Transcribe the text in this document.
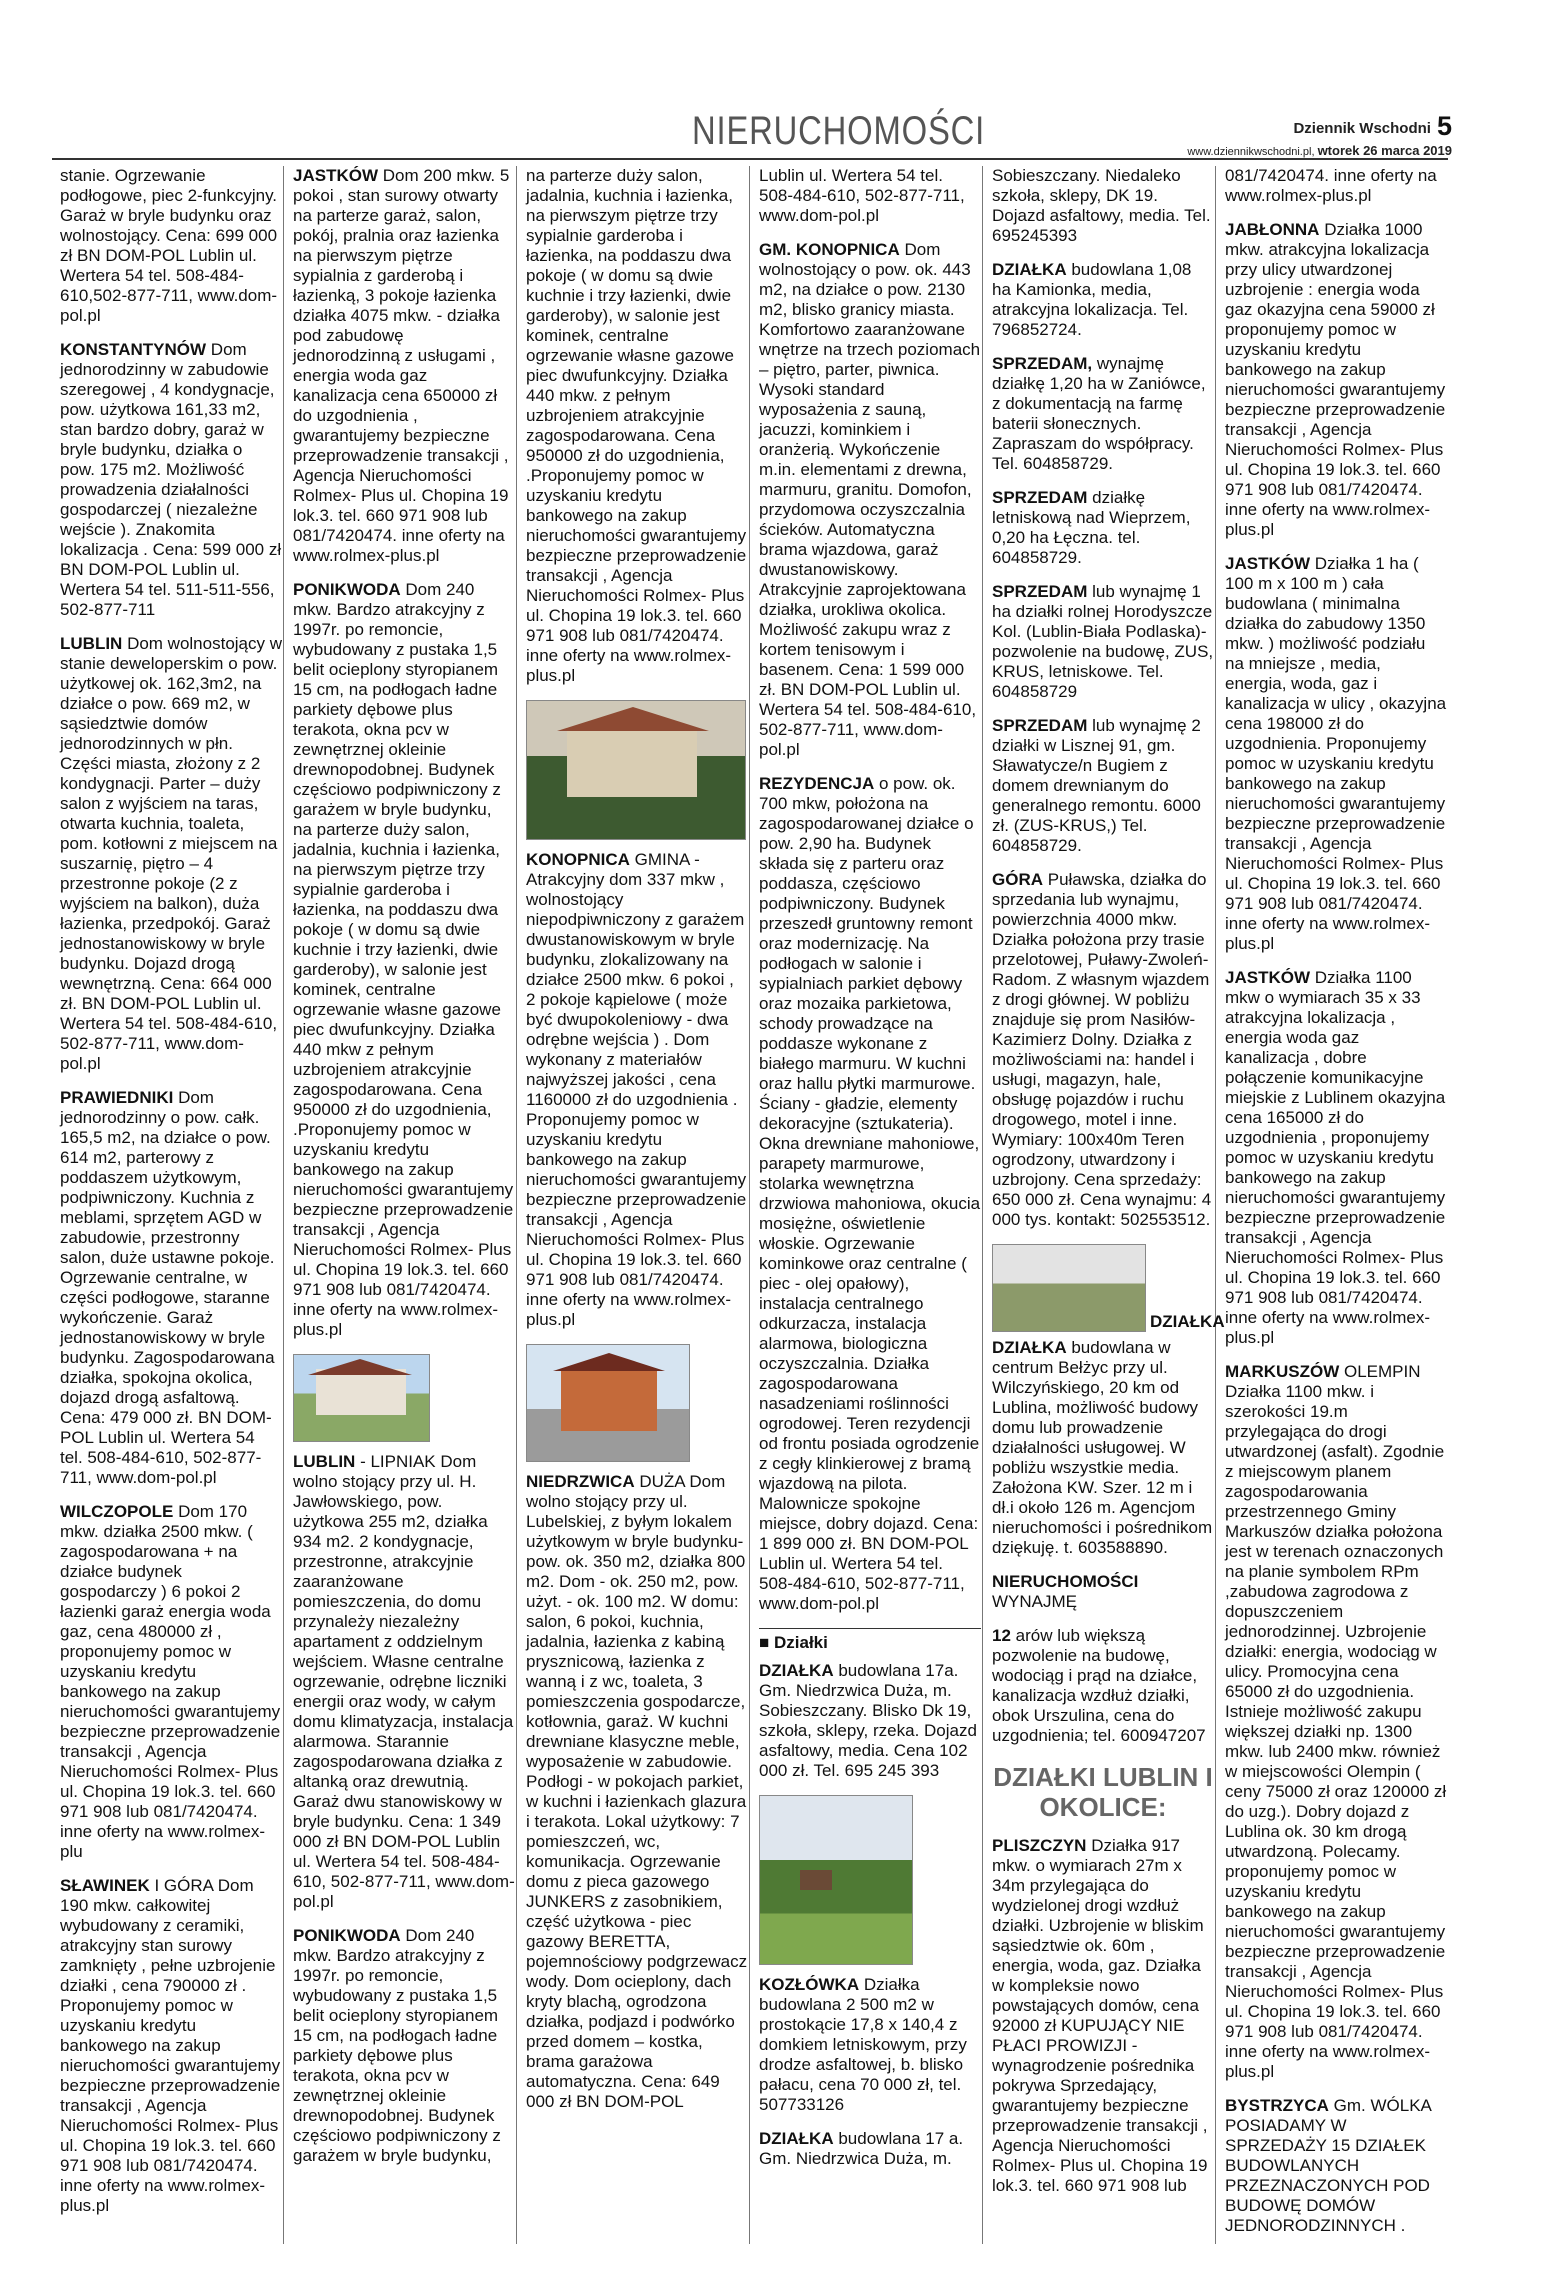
NIERUCHOMOŚCI	Dziennik Wschodni 5
www.dziennikwschodni.pl, wtorek 26 marca 2019
stanie. Ogrzewanie podłogowe, piec 2-funkcyjny. Garaż w bryle budynku oraz wolnostojący. Cena: 699 000 zł BN DOM-POL Lublin ul. Wertera 54 tel. 508-484-610,502-877-711, www.dom-pol.pl
KONSTANTYNÓW Dom jednorodzinny w zabudowie szeregowej , 4 kondygnacje, pow. użytkowa 161,33 m2, stan bardzo dobry, garaż w bryle budynku, działka o pow. 175 m2. Możliwość prowadzenia działalności gospodarczej ( niezależne wejście ). Znakomita lokalizacja . Cena: 599 000 zł BN DOM-POL Lublin ul. Wertera 54 tel. 511-511-556, 502-877-711
LUBLIN Dom wolnostojący w stanie deweloperskim o pow. użytkowej ok. 162,3m2, na działce o pow. 669 m2, w sąsiedztwie domów jednorodzinnych w płn. Części miasta, złożony z 2 kondygnacji. Parter – duży salon z wyjściem na taras, otwarta kuchnia, toaleta, pom. kotłowni z miejscem na suszarnię, piętro – 4 przestronne pokoje (2 z wyjściem na balkon), duża łazienka, przedpokój. Garaż jednostanowiskowy w bryle budynku. Dojazd drogą wewnętrzną. Cena: 664 000 zł. BN DOM-POL Lublin ul. Wertera 54 tel. 508-484-610, 502-877-711, www.dom-pol.pl
PRAWIEDNIKI Dom jednorodzinny o pow. całk. 165,5 m2, na działce o pow. 614 m2, parterowy z poddaszem użytkowym, podpiwniczony. Kuchnia z meblami, sprzętem AGD w zabudowie, przestronny salon, duże ustawne pokoje. Ogrzewanie centralne, w części podłogowe, staranne wykończenie. Garaż jednostanowiskowy w bryle budynku. Zagospodarowana działka, spokojna okolica, dojazd drogą asfaltową. Cena: 479 000 zł. BN DOM-POL Lublin ul. Wertera 54 tel. 508-484-610, 502-877-711, www.dom-pol.pl
WILCZOPOLE Dom 170 mkw. działka 2500 mkw. ( zagospodarowana + na działce budynek gospodarczy ) 6 pokoi 2 łazienki garaż energia woda gaz, cena 480000 zł , proponujemy pomoc w uzyskaniu kredytu bankowego na zakup nieruchomości gwarantujemy bezpieczne przeprowadzenie transakcji , Agencja Nieruchomości Rolmex- Plus ul. Chopina 19 lok.3. tel. 660 971 908 lub 081/7420474. inne oferty na www.rolmex-plu
SŁAWINEK I GÓRA Dom 190 mkw. całkowitej wybudowany z ceramiki, atrakcyjny stan surowy zamknięty , pełne uzbrojenie działki , cena 790000 zł . Proponujemy pomoc w uzyskaniu kredytu bankowego na zakup nieruchomości gwarantujemy bezpieczne przeprowadzenie transakcji , Agencja Nieruchomości Rolmex- Plus ul. Chopina 19 lok.3. tel. 660 971 908 lub 081/7420474. inne oferty na www.rolmex-plus.pl
JASTKÓW Dom 200 mkw. 5 pokoi , stan surowy otwarty na parterze garaż, salon, pokój, pralnia oraz łazienka na pierwszym piętrze sypialnia z garderobą i łazienką, 3 pokoje łazienka działka 4075 mkw. - działka pod zabudowę jednorodzinną z usługami , energia woda gaz kanalizacja cena 650000 zł do uzgodnienia , gwarantujemy bezpieczne przeprowadzenie transakcji , Agencja Nieruchomości Rolmex- Plus ul. Chopina 19 lok.3. tel. 660 971 908 lub 081/7420474. inne oferty na www.rolmex-plus.pl
PONIKWODA Dom 240 mkw. Bardzo atrakcyjny z 1997r. po remoncie, wybudowany z pustaka 1,5 belit ocieplony styropianem 15 cm, na podłogach ładne parkiety dębowe plus terakota, okna pcv w zewnętrznej okleinie drewnopodobnej. Budynek częściowo podpiwniczony z garażem w bryle budynku, na parterze duży salon, jadalnia, kuchnia i łazienka, na pierwszym piętrze trzy sypialnie garderoba i łazienka, na poddaszu dwa pokoje ( w domu są dwie kuchnie i trzy łazienki, dwie garderoby), w salonie jest kominek, centralne ogrzewanie własne gazowe piec dwufunkcyjny. Działka 440 mkw z pełnym uzbrojeniem atrakcyjnie zagospodarowana. Cena 950000 zł do uzgodnienia, .Proponujemy pomoc w uzyskaniu kredytu bankowego na zakup nieruchomości gwarantujemy bezpieczne przeprowadzenie transakcji , Agencja Nieruchomości Rolmex- Plus ul. Chopina 19 lok.3. tel. 660 971 908 lub 081/7420474. inne oferty na www.rolmex-plus.pl
LUBLIN - LIPNIAK Dom wolno stojący przy ul. H. Jawłowskiego, pow. użytkowa 255 m2, działka 934 m2. 2 kondygnacje, przestronne, atrakcyjnie zaaranżowane pomieszczenia, do domu przynależy niezależny apartament z oddzielnym wejściem. Własne centralne ogrzewanie, odrębne liczniki energii oraz wody, w całym domu klimatyzacja, instalacja alarmowa. Starannie zagospodarowana działka z altanką oraz drewutnią. Garaż dwu stanowiskowy w bryle budynku. Cena: 1 349 000 zł BN DOM-POL Lublin ul. Wertera 54 tel. 508-484-610, 502-877-711, www.dom-pol.pl
PONIKWODA Dom 240 mkw. Bardzo atrakcyjny z 1997r. po remoncie, wybudowany z pustaka 1,5 belit ocieplony styropianem 15 cm, na podłogach ładne parkiety dębowe plus terakota, okna pcv w zewnętrznej okleinie drewnopodobnej. Budynek częściowo podpiwniczony z garażem w bryle budynku,
na parterze duży salon, jadalnia, kuchnia i łazienka, na pierwszym piętrze trzy sypialnie garderoba i łazienka, na poddaszu dwa pokoje ( w domu są dwie kuchnie i trzy łazienki, dwie garderoby), w salonie jest kominek, centralne ogrzewanie własne gazowe piec dwufunkcyjny. Działka 440 mkw. z pełnym uzbrojeniem atrakcyjnie zagospodarowana. Cena 950000 zł do uzgodnienia, .Proponujemy pomoc w uzyskaniu kredytu bankowego na zakup nieruchomości gwarantujemy bezpieczne przeprowadzenie transakcji , Agencja Nieruchomości Rolmex- Plus ul. Chopina 19 lok.3. tel. 660 971 908 lub 081/7420474. inne oferty na www.rolmex-plus.pl
KONOPNICA GMINA - Atrakcyjny dom 337 mkw , wolnostojący niepodpiwniczony z garażem dwustanowiskowym w bryle budynku, zlokalizowany na działce 2500 mkw. 6 pokoi , 2 pokoje kąpielowe ( może być dwupokoleniowy - dwa odrębne wejścia ) . Dom wykonany z materiałów najwyższej jakości , cena 1160000 zł do uzgodnienia . Proponujemy pomoc w uzyskaniu kredytu bankowego na zakup nieruchomości gwarantujemy bezpieczne przeprowadzenie transakcji , Agencja Nieruchomości Rolmex- Plus ul. Chopina 19 lok.3. tel. 660 971 908 lub 081/7420474. inne oferty na www.rolmex-plus.pl
NIEDRZWICA DUŻA Dom wolno stojący przy ul. Lubelskiej, z byłym lokalem użytkowym w bryle budynku-pow. ok. 350 m2, działka 800 m2. Dom - ok. 250 m2, pow. użyt. - ok. 100 m2. W domu: salon, 6 pokoi, kuchnia, jadalnia, łazienka z kabiną prysznicową, łazienka z wanną i z wc, toaleta, 3 pomieszczenia gospodarcze, kotłownia, garaż. W kuchni drewniane klasyczne meble, wyposażenie w zabudowie. Podłogi - w pokojach parkiet, w kuchni i łazienkach glazura i terakota. Lokal użytkowy: 7 pomieszczeń, wc, komunikacja. Ogrzewanie domu z pieca gazowego JUNKERS z zasobnikiem, część użytkowa - piec gazowy BERETTA, pojemnościowy podgrzewacz wody. Dom ocieplony, dach kryty blachą, ogrodzona działka, podjazd i podwórko przed domem – kostka, brama garażowa automatyczna. Cena: 649 000 zł BN DOM-POL
Lublin ul. Wertera 54 tel. 508-484-610, 502-877-711, www.dom-pol.pl
GM. KONOPNICA Dom wolnostojący o pow. ok. 443 m2, na działce o pow. 2130 m2, blisko granicy miasta. Komfortowo zaaranżowane wnętrze na trzech poziomach – piętro, parter, piwnica. Wysoki standard wyposażenia z sauną, jacuzzi, kominkiem i oranżerią. Wykończenie m.in. elementami z drewna, marmuru, granitu. Domofon, przydomowa oczyszczalnia ścieków. Automatyczna brama wjazdowa, garaż dwustanowiskowy. Atrakcyjnie zaprojektowana działka, urokliwa okolica. Możliwość zakupu wraz z kortem tenisowym i basenem. Cena: 1 599 000 zł. BN DOM-POL Lublin ul. Wertera 54 tel. 508-484-610, 502-877-711, www.dom-pol.pl
REZYDENCJA o pow. ok. 700 mkw, położona na zagospodarowanej działce o pow. 2,90 ha. Budynek składa się z parteru oraz poddasza, częściowo podpiwniczony. Budynek przeszedł gruntowny remont oraz modernizację. Na podłogach w salonie i sypialniach parkiet dębowy oraz mozaika parkietowa, schody prowadzące na poddasze wykonane z białego marmuru. W kuchni oraz hallu płytki marmurowe. Ściany - gładzie, elementy dekoracyjne (sztukateria). Okna drewniane mahoniowe, parapety marmurowe, stolarka wewnętrzna drzwiowa mahoniowa, okucia mosiężne, oświetlenie włoskie. Ogrzewanie kominkowe oraz centralne ( piec - olej opałowy), instalacja centralnego odkurzacza, instalacja alarmowa, biologiczna oczyszczalnia. Działka zagospodarowana nasadzeniami roślinności ogrodowej. Teren rezydencji od frontu posiada ogrodzenie z cegły klinkierowej z bramą wjazdową na pilota. Malownicze spokojne miejsce, dobry dojazd. Cena: 1 899 000 zł. BN DOM-POL Lublin ul. Wertera 54 tel. 508-484-610, 502-877-711, www.dom-pol.pl
■ Działki
DZIAŁKA budowlana 17a. Gm. Niedrzwica Duża, m. Sobieszczany. Blisko Dk 19, szkoła, sklepy, rzeka. Dojazd asfaltowy, media. Cena 102 000 zł. Tel. 695 245 393
KOZŁÓWKA Działka budowlana 2 500 m2 w prostokącie 17,8 x 140,4 z domkiem letniskowym, przy drodze asfaltowej, b. blisko pałacu, cena 70 000 zł, tel. 507733126
DZIAŁKA budowlana 17 a. Gm. Niedrzwica Duża, m.
Sobieszczany. Niedaleko szkoła, sklepy, DK 19. Dojazd asfaltowy, media. Tel. 695245393
DZIAŁKA budowlana 1,08 ha Kamionka, media, atrakcyjna lokalizacja. Tel. 796852724.
SPRZEDAM, wynajmę działkę 1,20 ha w Zaniówce, z dokumentacją na farmę baterii słonecznych. Zapraszam do współpracy. Tel. 604858729.
SPRZEDAM działkę letniskową nad Wieprzem, 0,20 ha Łęczna. tel. 604858729.
SPRZEDAM lub wynajmę 1 ha działki rolnej Horodyszcze Kol. (Lublin-Biała Podlaska)-pozwolenie na budowę, ZUS, KRUS, letniskowe. Tel. 604858729
SPRZEDAM lub wynajmę 2 działki w Lisznej 91, gm. Sławatycze/n Bugiem z domem drewnianym do generalnego remontu. 6000 zł. (ZUS-KRUS,) Tel. 604858729.
GÓRA Puławska, działka do sprzedania lub wynajmu, powierzchnia 4000 mkw. Działka położona przy trasie przelotowej, Puławy-Zwoleń-Radom. Z własnym wjazdem z drogi głównej. W pobliżu znajduje się prom Nasiłów-Kazimierz Dolny. Działka z możliwościami na: handel i usługi, magazyn, hale, obsługę pojazdów i ruchu drogowego, motel i inne. Wymiary: 100x40m Teren ogrodzony, utwardzony i uzbrojony. Cena sprzedaży: 650 000 zł. Cena wynajmu: 4 000 tys. kontakt: 502553512.
DZIAŁKA
DZIAŁKA budowlana w centrum Bełżyc przy ul. Wilczyńskiego, 20 km od Lublina, możliwość budowy domu lub prowadzenie działalności usługowej. W pobliżu wszystkie media. Założona KW. Szer. 12 m i dł.i około 126 m. Agencjom nieruchomości i pośrednikom dziękuję. t. 603588890.
NIERUCHOMOŚCI WYNAJMĘ
12 arów lub większą pozwolenie na budowę, wodociąg i prąd na działce, kanalizacja wzdłuż działki, obok Urszulina, cena do uzgodnienia; tel. 600947207
DZIAŁKI LUBLIN I OKOLICE:
PLISZCZYN Działka 917 mkw. o wymiarach 27m x 34m przylegająca do wydzielonej drogi wzdłuż działki. Uzbrojenie w bliskim sąsiedztwie ok. 60m , energia, woda, gaz. Działka w kompleksie nowo powstających domów, cena 92000 zł KUPUJĄCY NIE PŁACI PROWIZJI -wynagrodzenie pośrednika pokrywa Sprzedający, gwarantujemy bezpieczne przeprowadzenie transakcji , Agencja Nieruchomości Rolmex- Plus ul. Chopina 19 lok.3. tel. 660 971 908 lub
081/7420474. inne oferty na www.rolmex-plus.pl
JABŁONNA Działka 1000 mkw. atrakcyjna lokalizacja przy ulicy utwardzonej uzbrojenie : energia woda gaz okazyjna cena 59000 zł proponujemy pomoc w uzyskaniu kredytu bankowego na zakup nieruchomości gwarantujemy bezpieczne przeprowadzenie transakcji , Agencja Nieruchomości Rolmex- Plus ul. Chopina 19 lok.3. tel. 660 971 908 lub 081/7420474. inne oferty na www.rolmex-plus.pl
JASTKÓW Działka 1 ha ( 100 m x 100 m ) cała budowlana ( minimalna działka do zabudowy 1350 mkw. ) możliwość podziału na mniejsze , media, energia, woda, gaz i kanalizacja w ulicy , okazyjna cena 198000 zł do uzgodnienia. Proponujemy pomoc w uzyskaniu kredytu bankowego na zakup nieruchomości gwarantujemy bezpieczne przeprowadzenie transakcji , Agencja Nieruchomości Rolmex- Plus ul. Chopina 19 lok.3. tel. 660 971 908 lub 081/7420474. inne oferty na www.rolmex-plus.pl
JASTKÓW Działka 1100 mkw o wymiarach 35 x 33 atrakcyjna lokalizacja , energia woda gaz kanalizacja , dobre połączenie komunikacyjne miejskie z Lublinem okazyjna cena 165000 zł do uzgodnienia , proponujemy pomoc w uzyskaniu kredytu bankowego na zakup nieruchomości gwarantujemy bezpieczne przeprowadzenie transakcji , Agencja Nieruchomości Rolmex- Plus ul. Chopina 19 lok.3. tel. 660 971 908 lub 081/7420474. inne oferty na www.rolmex-plus.pl
MARKUSZÓW OLEMPIN Działka 1100 mkw. i szerokości 19.m przylegająca do drogi utwardzonej (asfalt). Zgodnie z miejscowym planem zagospodarowania przestrzennego Gminy Markuszów działka położona jest w terenach oznaczonych na planie symbolem RPm ,zabudowa zagrodowa z dopuszczeniem jednorodzinnej. Uzbrojenie działki: energia, wodociąg w ulicy. Promocyjna cena 65000 zł do uzgodnienia. Istnieje możliwość zakupu większej działki np. 1300 mkw. lub 2400 mkw. również w miejscowości Olempin ( ceny 75000 zł oraz 120000 zł do uzg.). Dobry dojazd z Lublina ok. 30 km drogą utwardzoną. Polecamy. proponujemy pomoc w uzyskaniu kredytu bankowego na zakup nieruchomości gwarantujemy bezpieczne przeprowadzenie transakcji , Agencja Nieruchomości Rolmex- Plus ul. Chopina 19 lok.3. tel. 660 971 908 lub 081/7420474. inne oferty na www.rolmex-plus.pl
BYSTRZYCA Gm. WÓLKA POSIADAMY W SPRZEDAŻY 15 DZIAŁEK BUDOWLANYCH PRZEZNACZONYCH POD BUDOWĘ DOMÓW JEDNORODZINNYCH .
